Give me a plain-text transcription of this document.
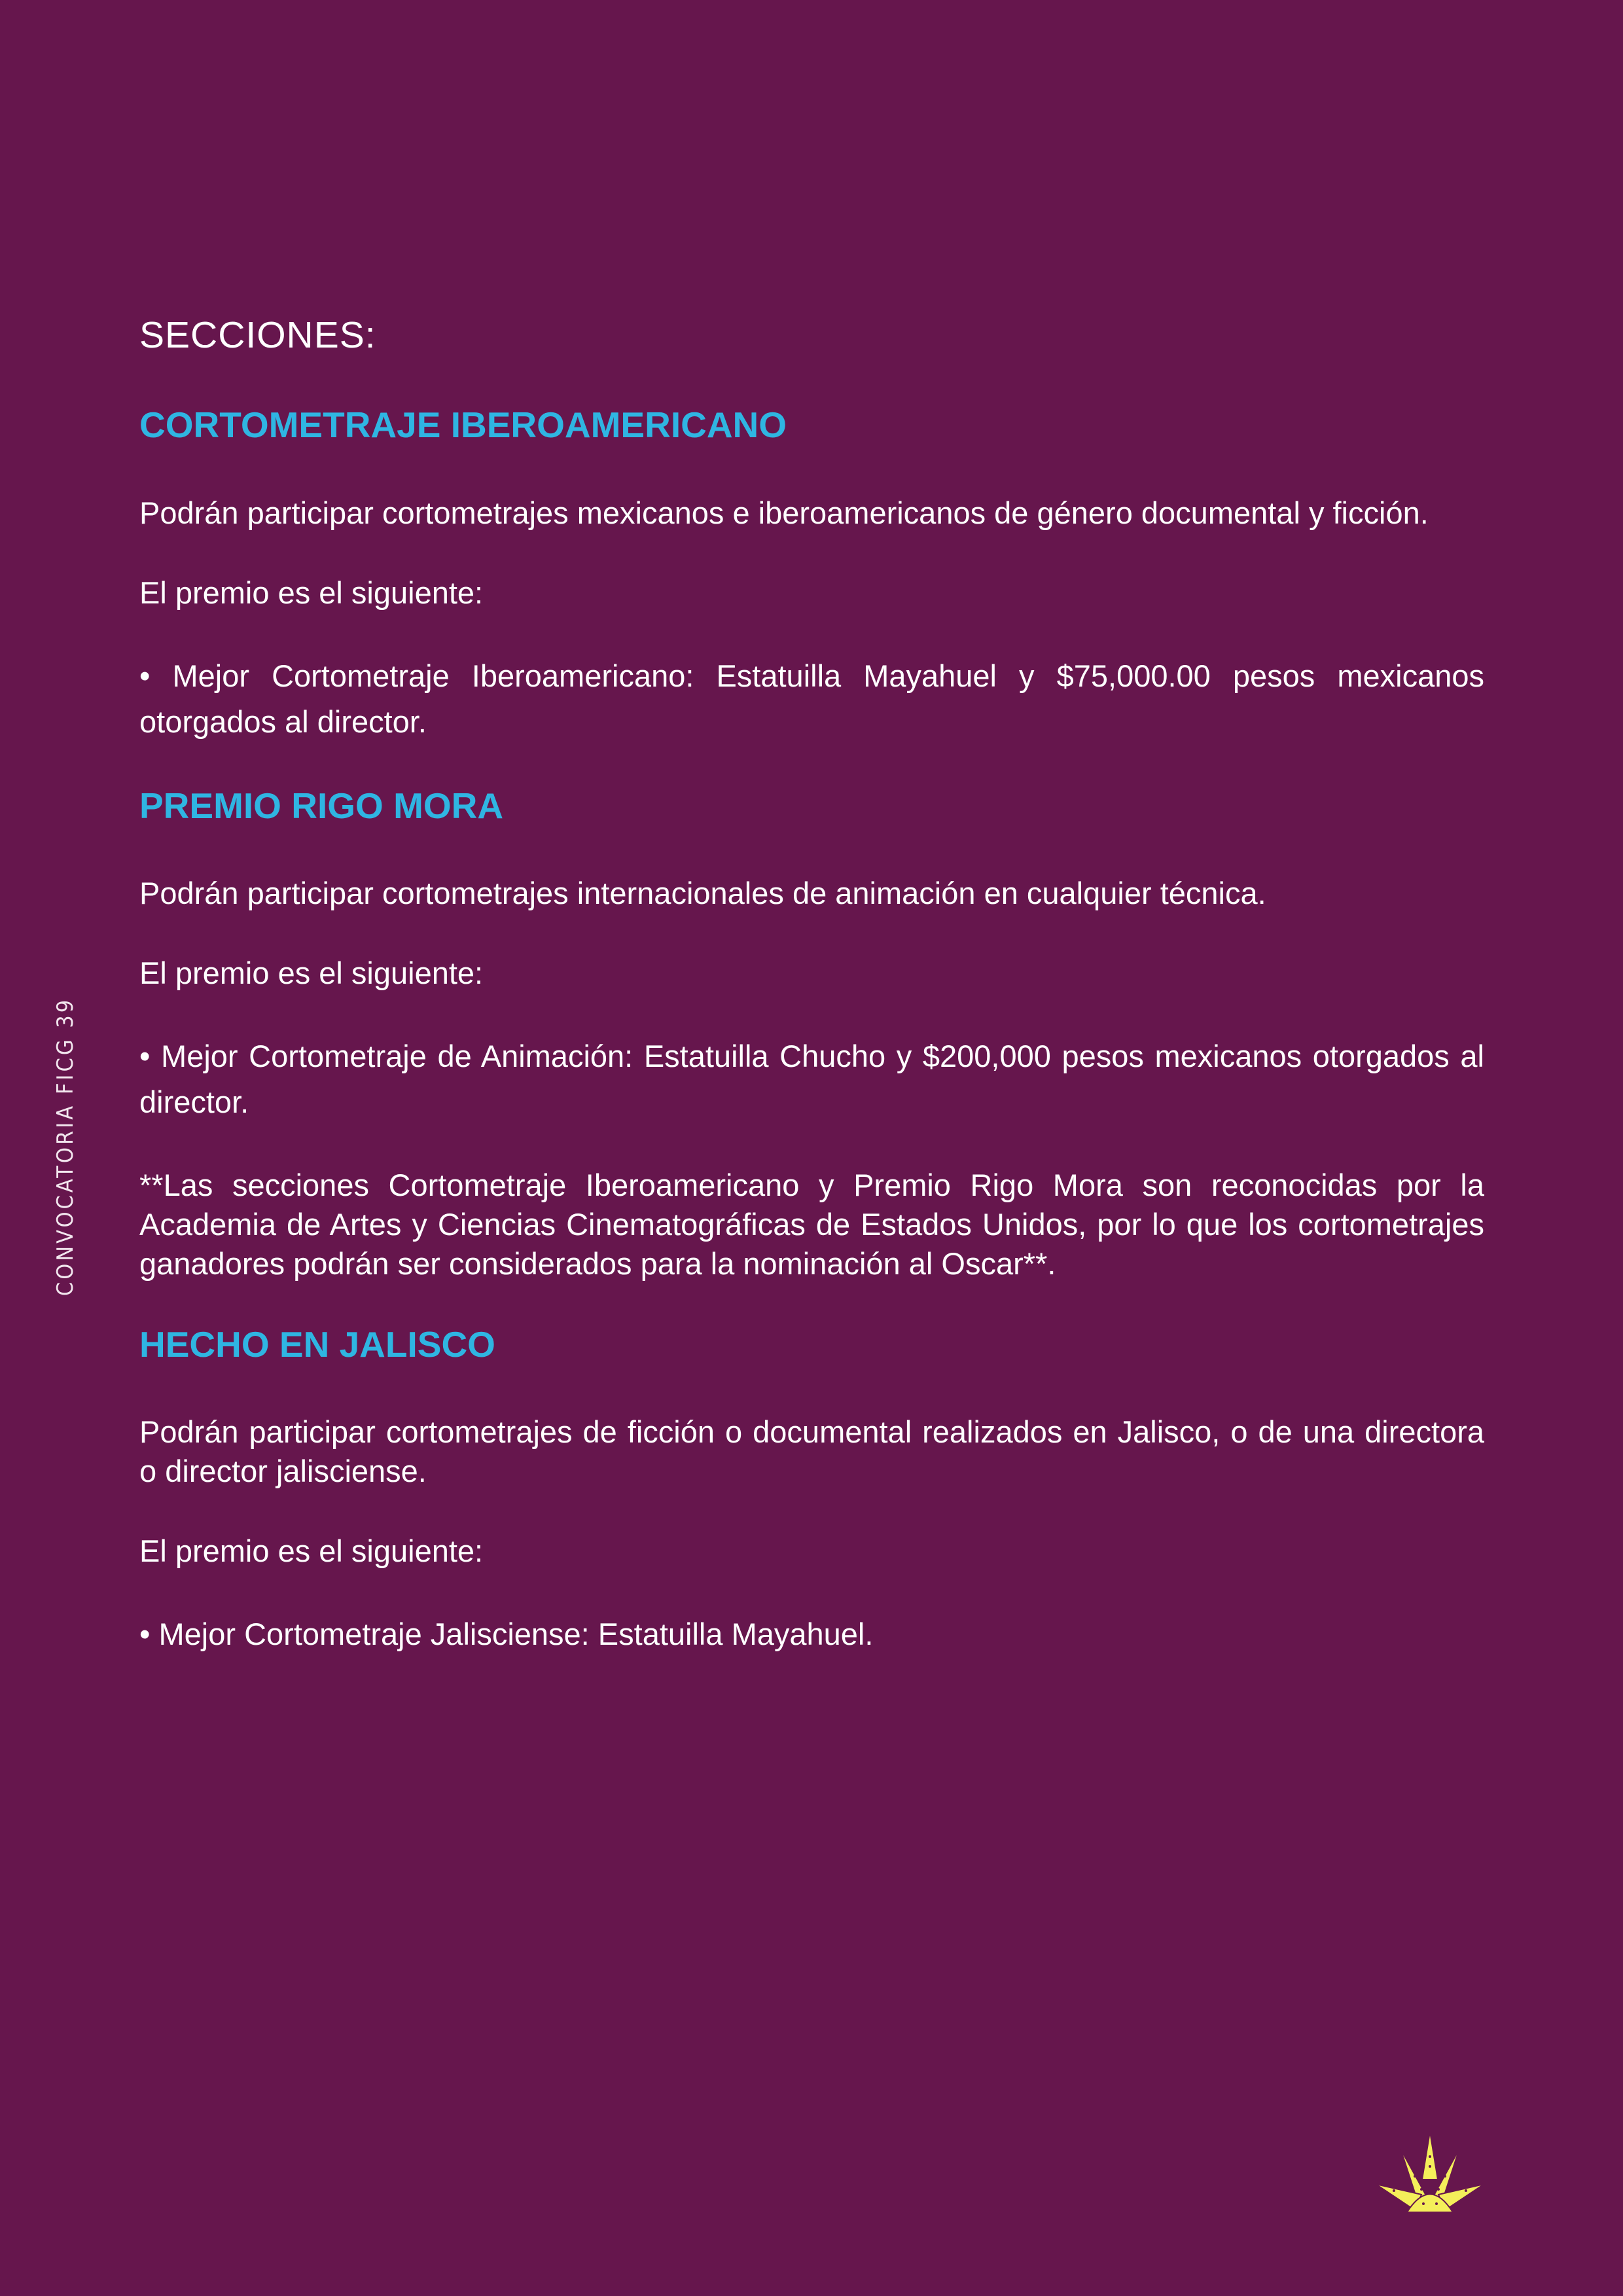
CONVOCATORIA FICG 39
SECCIONES:
CORTOMETRAJE IBEROAMERICANO

Podrán participar cortometrajes mexicanos e iberoamericanos de género documental y ficción.

El premio es el siguiente:

• Mejor Cortometraje Iberoamericano: Estatuilla Mayahuel y $75,000.00 pesos mexicanos otorgados al director.

PREMIO RIGO MORA

Podrán participar cortometrajes internacionales de animación en cualquier técnica.

El premio es el siguiente:

• Mejor Cortometraje de Animación: Estatuilla Chucho y $200,000 pesos mexicanos otorgados al director.

**Las secciones Cortometraje Iberoamericano y Premio Rigo Mora son reconocidas por la Academia de Artes y Ciencias Cinematográficas de Estados Unidos, por lo que los cortometrajes ganadores podrán ser considerados para la nominación al Oscar**.

HECHO EN JALISCO

Podrán participar cortometrajes de ficción o documental realizados en Jalisco, o de una directora o director jalisciense.

El premio es el siguiente:

• Mejor Cortometraje Jalisciense: Estatuilla Mayahuel.
